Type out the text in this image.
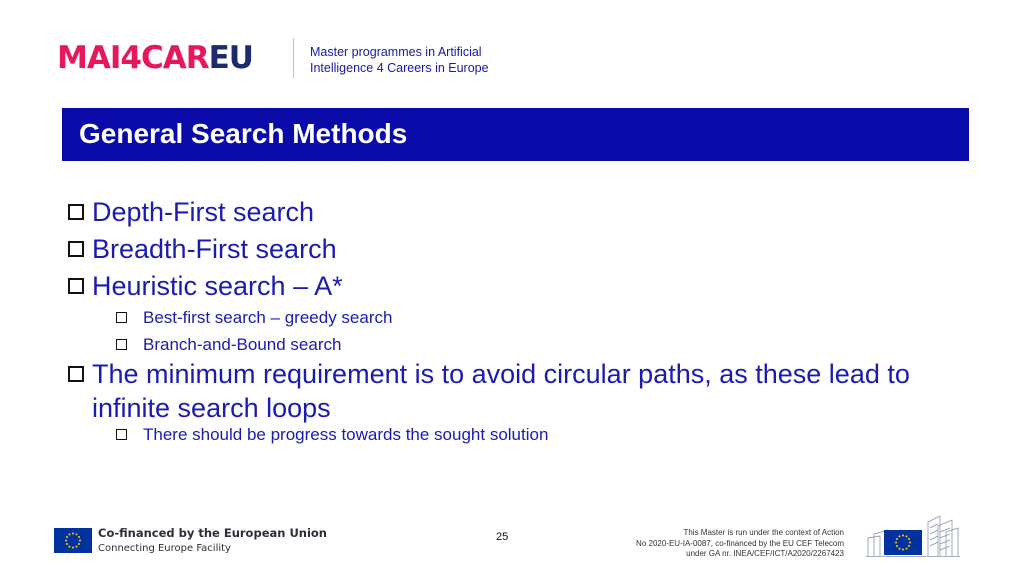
MAI4CAREU	Master programmes in Artificial
Intelligence 4 Careers in Europe
General Search Methods
Depth-First search
Breadth-First search
Heuristic search – A*
Best-first search – greedy search
Branch-and-Bound search
The minimum requirement is to avoid circular paths, as these lead to infinite search loops
There should be progress towards the sought solution
Co-financed by the European Union
Connecting Europe Facility
25	This Master is run under the context of Action
No 2020-EU-IA-0087, co-financed by the EU CEF Telecom
under GA nr. INEA/CEF/ICT/A2020/2267423
